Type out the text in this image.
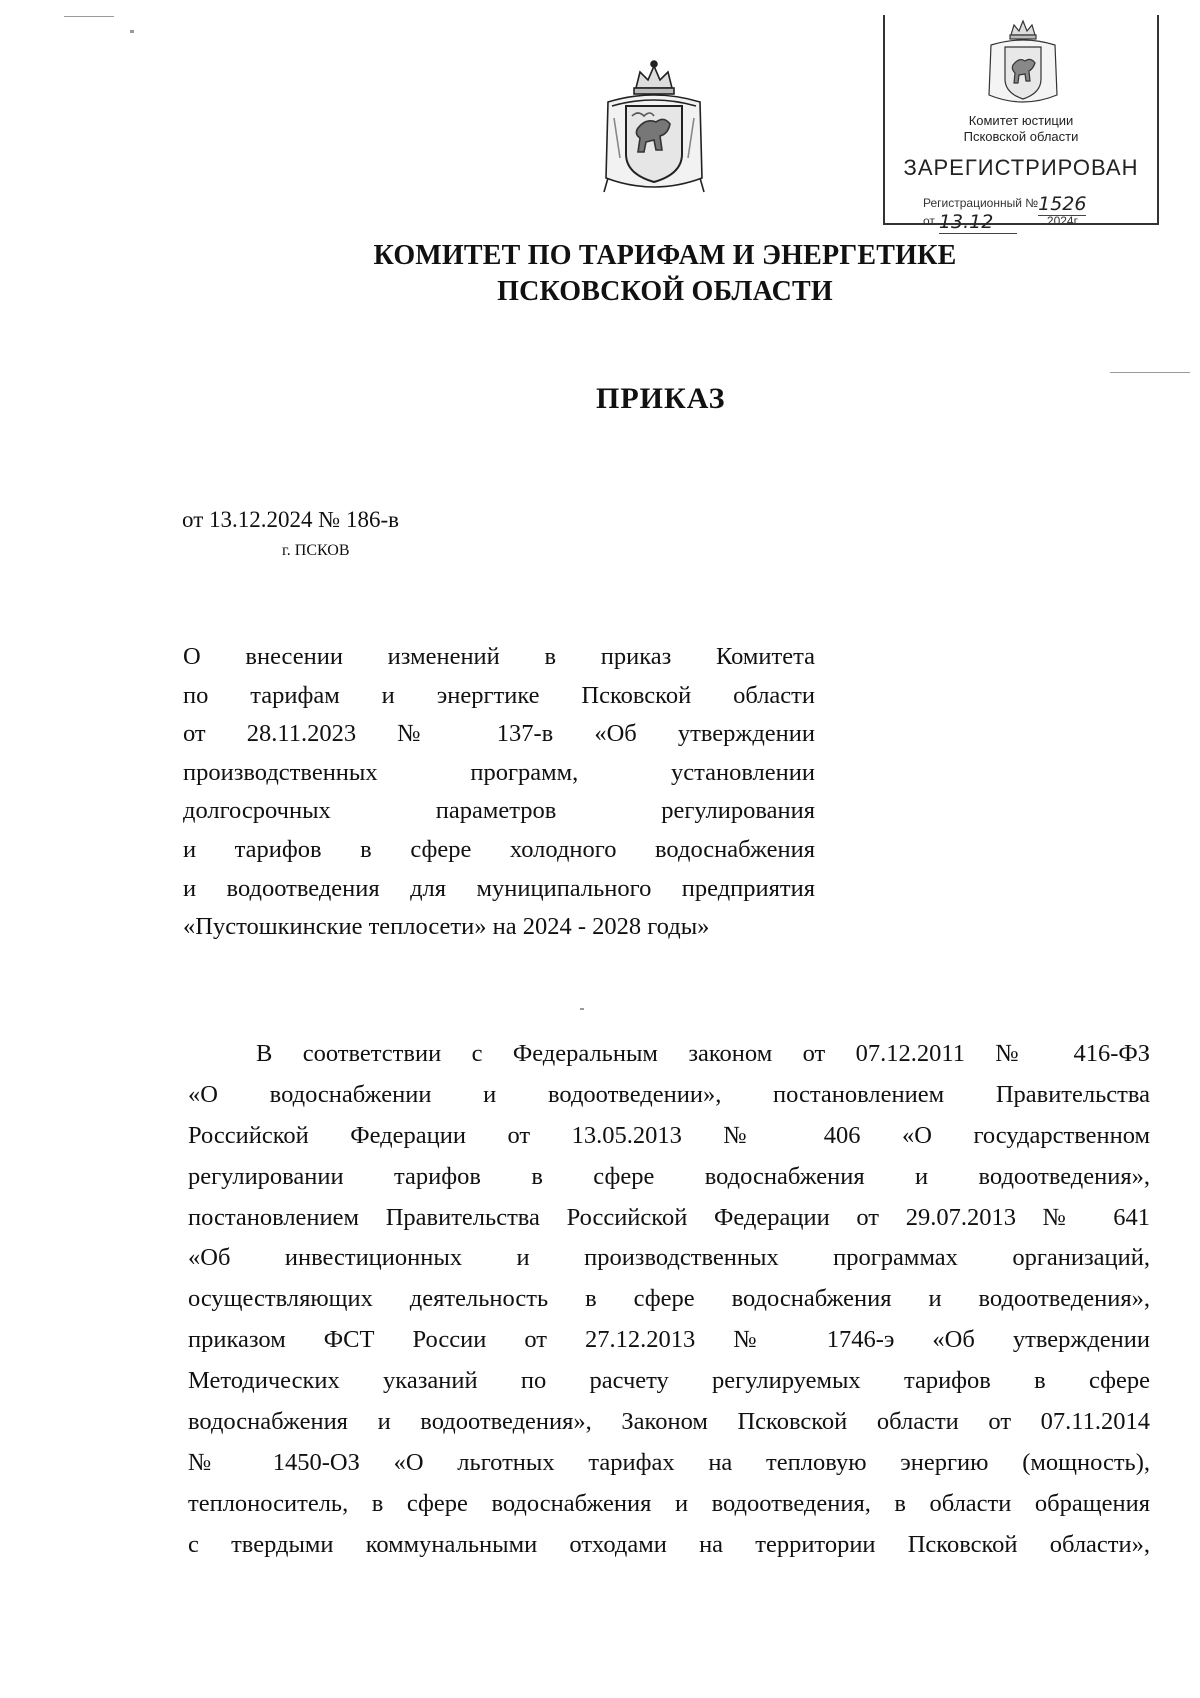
Комитет юстиции
Псковской области
ЗАРЕГИСТРИРОВАН
Регистрационный №1526
от 13.12	2024г.
КОМИТЕТ ПО ТАРИФАМ И ЭНЕРГЕТИКЕ
ПСКОВСКОЙ ОБЛАСТИ
ПРИКАЗ
от 13.12.2024 № 186-в
г. ПСКОВ
О внесении изменений в приказ Комитета
по тарифам и энергтике Псковской области
от 28.11.2023 № 137-в «Об утверждении
производственных программ, установлении
долгосрочных параметров регулирования
и тарифов в сфере холодного водоснабжения
и водоотведения для муниципального предприятия
«Пустошкинские теплосети» на 2024 - 2028 годы»
В соответствии с Федеральным законом от 07.12.2011 № 416-ФЗ
«О водоснабжении и водоотведении», постановлением Правительства
Российской Федерации от 13.05.2013 № 406 «О государственном
регулировании тарифов в сфере водоснабжения и водоотведения»,
постановлением Правительства Российской Федерации от 29.07.2013 № 641
«Об инвестиционных и производственных программах организаций,
осуществляющих деятельность в сфере водоснабжения и водоотведения»,
приказом ФСТ России от 27.12.2013 № 1746-э «Об утверждении
Методических указаний по расчету регулируемых тарифов в сфере
водоснабжения и водоотведения», Законом Псковской области от 07.11.2014
№ 1450-ОЗ «О льготных тарифах на тепловую энергию (мощность),
теплоноситель, в сфере водоснабжения и водоотведения, в области обращения
с твердыми коммунальными отходами на территории Псковской области»,
